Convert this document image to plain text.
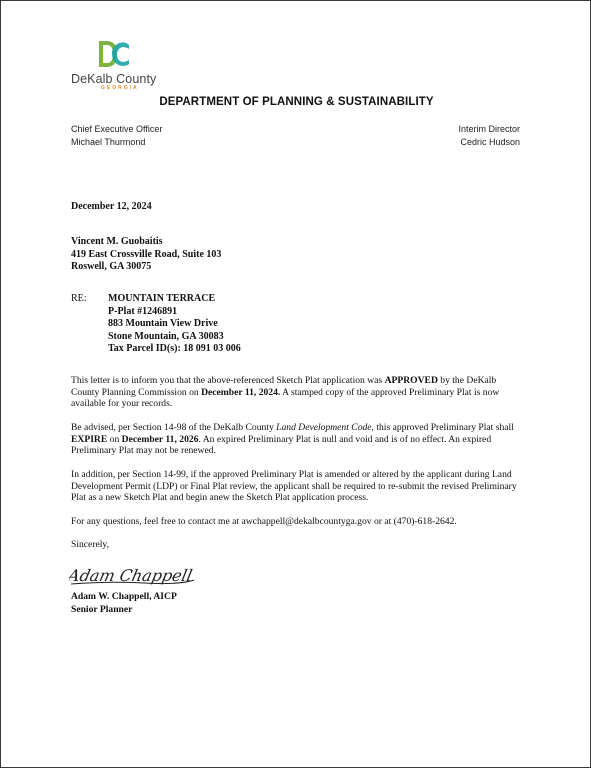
DeKalb County
GEORGIA
DEPARTMENT OF PLANNING & SUSTAINABILITY
Chief Executive Officer
Michael Thurmond
Interim Director
Cedric Hudson
December 12, 2024
Vincent M. Guobaitis
419 East Crossville Road, Suite 103
Roswell, GA 30075
RE: MOUNTAIN TERRACE
P-Plat #1246891
883 Mountain View Drive
Stone Mountain, GA 30083
Tax Parcel ID(s): 18 091 03 006
This letter is to inform you that the above-referenced Sketch Plat application was APPROVED by the DeKalb County Planning Commission on December 11, 2024. A stamped copy of the approved Preliminary Plat is now available for your records.
Be advised, per Section 14-98 of the DeKalb County Land Development Code, this approved Preliminary Plat shall EXPIRE on December 11, 2026. An expired Preliminary Plat is null and void and is of no effect. An expired Preliminary Plat may not be renewed.
In addition, per Section 14-99, if the approved Preliminary Plat is amended or altered by the applicant during Land Development Permit (LDP) or Final Plat review, the applicant shall be required to re-submit the revised Preliminary Plat as a new Sketch Plat and begin anew the Sketch Plat application process.
For any questions, feel free to contact me at awchappell@dekalbcountyga.gov or at (470)-618-2642.
Sincerely,
Adam Chappell
Adam W. Chappell, AICP
Senior Planner
